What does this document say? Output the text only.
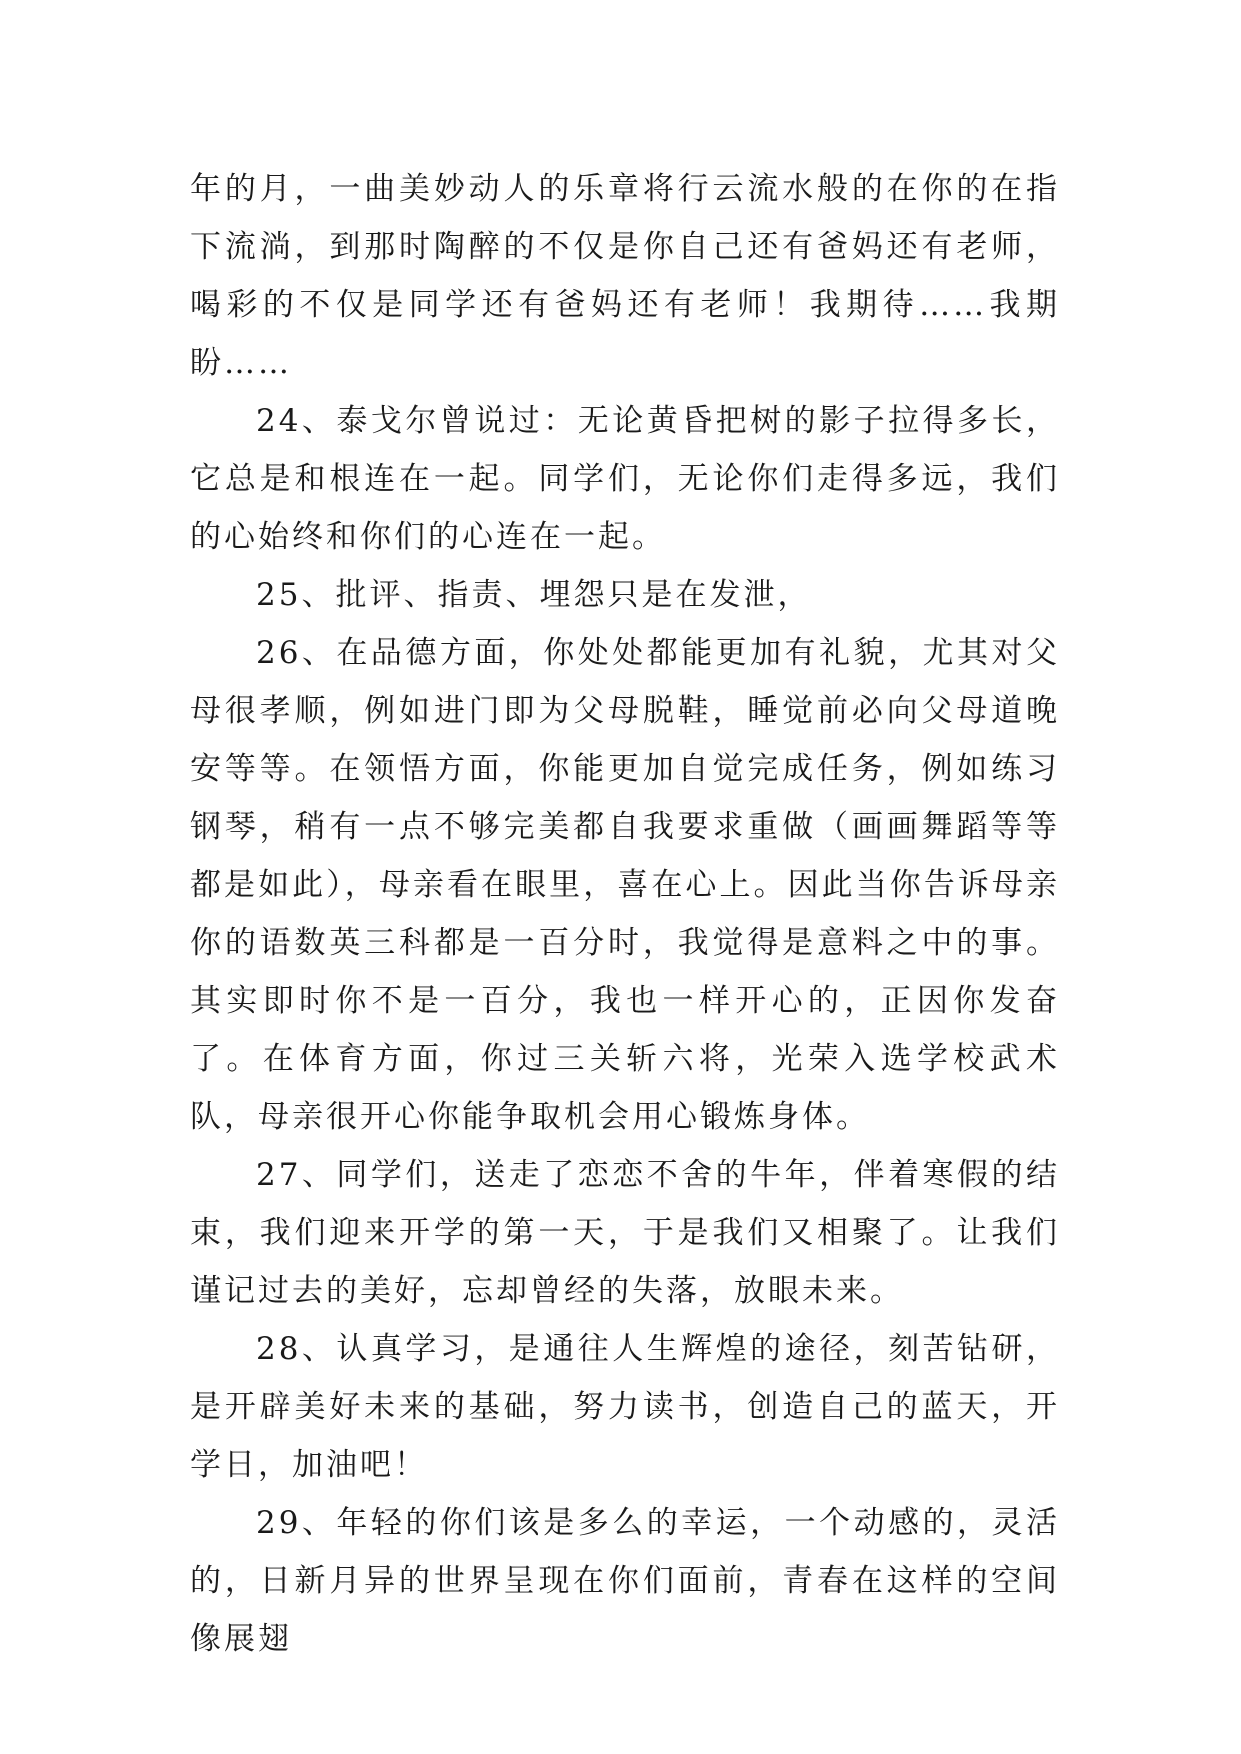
年的月，一曲美妙动人的乐章将行云流水般的在你的在指下流淌，到那时陶醉的不仅是你自己还有爸妈还有老师，喝彩的不仅是同学还有爸妈还有老师！我期待……我期盼……

24、泰戈尔曾说过：无论黄昏把树的影子拉得多长，它总是和根连在一起。同学们，无论你们走得多远，我们的心始终和你们的心连在一起。

25、批评、指责、埋怨只是在发泄，

26、在品德方面，你处处都能更加有礼貌，尤其对父母很孝顺，例如进门即为父母脱鞋，睡觉前必向父母道晚安等等。在领悟方面，你能更加自觉完成任务，例如练习钢琴，稍有一点不够完美都自我要求重做（画画舞蹈等等都是如此），母亲看在眼里，喜在心上。因此当你告诉母亲你的语数英三科都是一百分时，我觉得是意料之中的事。其实即时你不是一百分，我也一样开心的，正因你发奋了。在体育方面，你过三关斩六将，光荣入选学校武术队，母亲很开心你能争取机会用心锻炼身体。

27、同学们，送走了恋恋不舍的牛年，伴着寒假的结束，我们迎来开学的第一天，于是我们又相聚了。让我们谨记过去的美好，忘却曾经的失落，放眼未来。

28、认真学习，是通往人生辉煌的途径，刻苦钻研，是开辟美好未来的基础，努力读书，创造自己的蓝天，开学日，加油吧！

29、年轻的你们该是多么的幸运，一个动感的，灵活的，日新月异的世界呈现在你们面前，青春在这样的空间像展翅
